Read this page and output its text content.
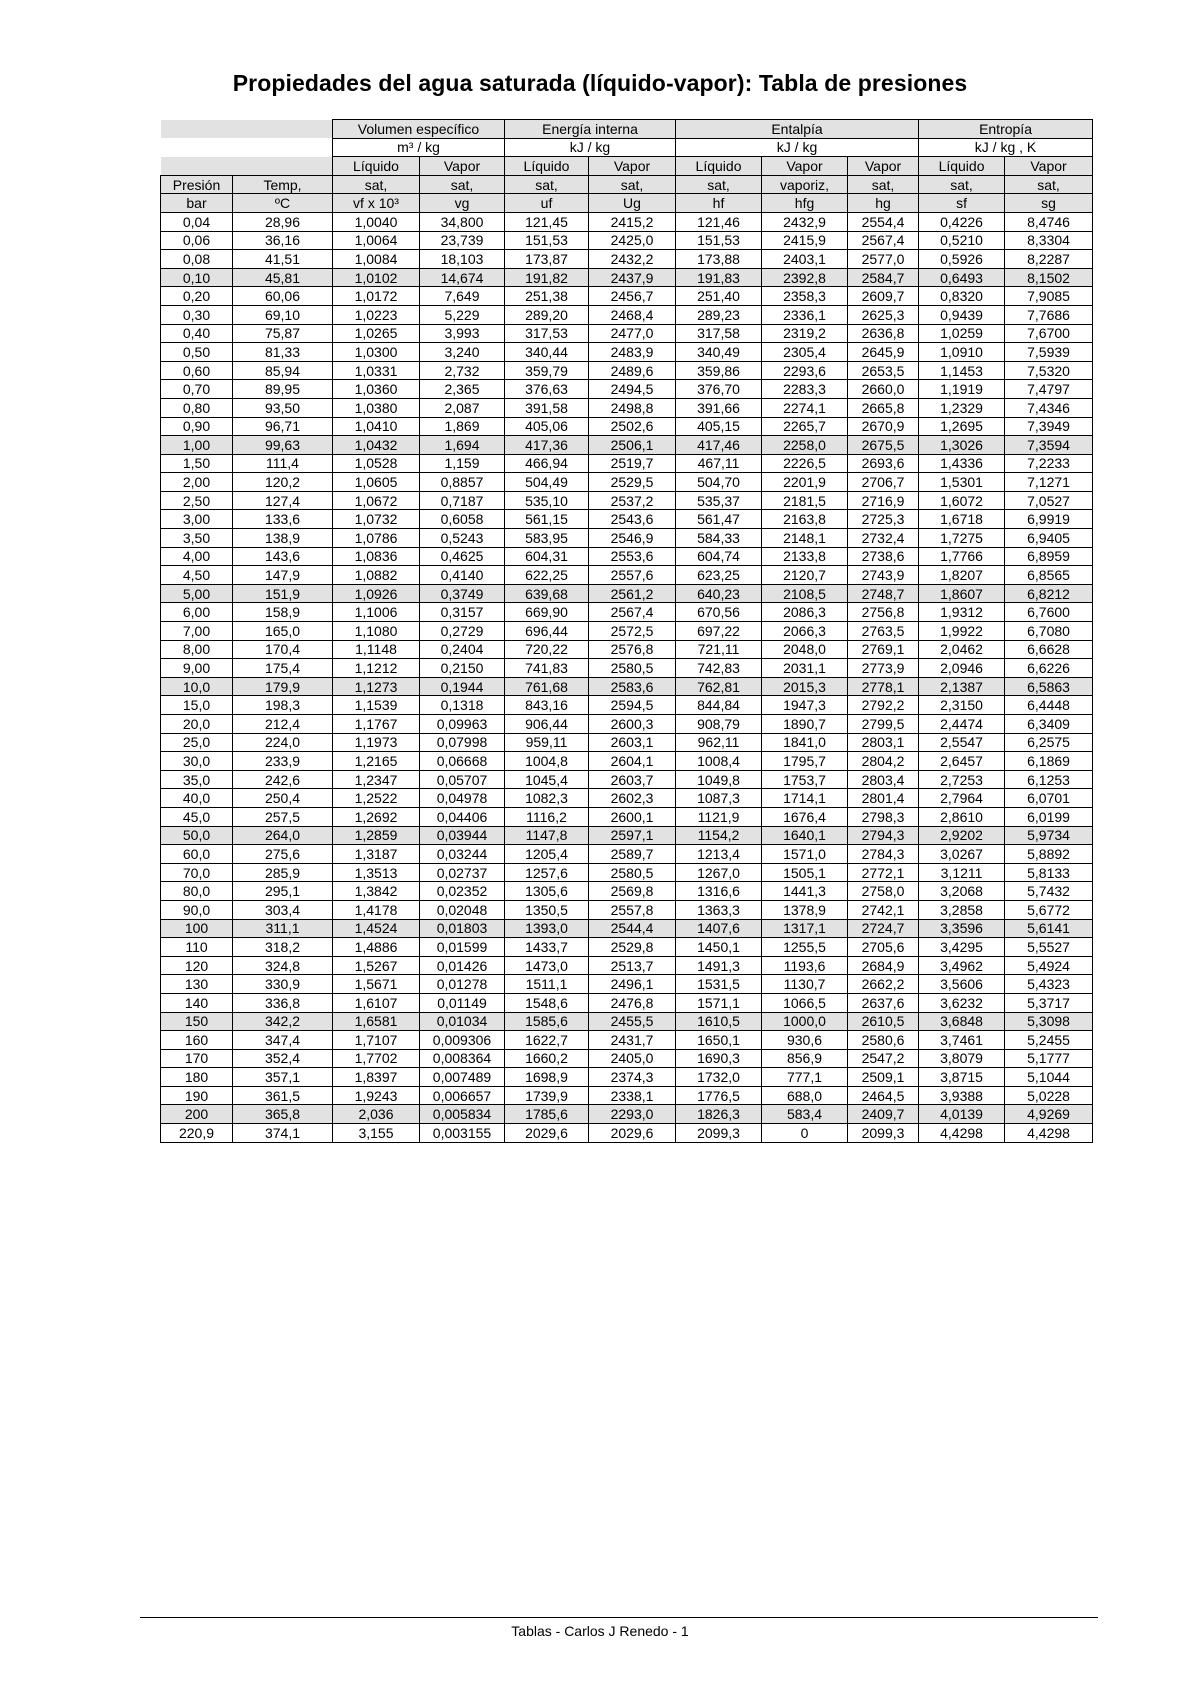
Propiedades del agua saturada (líquido-vapor): Tabla de presiones
		Volumen específico		Energía interna		Entalpía			Entropía	
		m³ / kg		kJ / kg		kJ / kg			kJ / kg , K	
		Líquido	Vapor	Líquido	Vapor	Líquido	Vapor	Vapor	Líquido	Vapor
Presión	Temp,	sat,	sat,	sat,	sat,	sat,	vaporiz,	sat,	sat,	sat,
bar	ºC	vf x 10³	vg	uf	Ug	hf	hfg	hg	sf	sg
0,04	28,96	1,0040	34,800	121,45	2415,2	121,46	2432,9	2554,4	0,4226	8,4746
0,06	36,16	1,0064	23,739	151,53	2425,0	151,53	2415,9	2567,4	0,5210	8,3304
0,08	41,51	1,0084	18,103	173,87	2432,2	173,88	2403,1	2577,0	0,5926	8,2287
0,10	45,81	1,0102	14,674	191,82	2437,9	191,83	2392,8	2584,7	0,6493	8,1502
0,20	60,06	1,0172	7,649	251,38	2456,7	251,40	2358,3	2609,7	0,8320	7,9085
0,30	69,10	1,0223	5,229	289,20	2468,4	289,23	2336,1	2625,3	0,9439	7,7686
0,40	75,87	1,0265	3,993	317,53	2477,0	317,58	2319,2	2636,8	1,0259	7,6700
0,50	81,33	1,0300	3,240	340,44	2483,9	340,49	2305,4	2645,9	1,0910	7,5939
0,60	85,94	1,0331	2,732	359,79	2489,6	359,86	2293,6	2653,5	1,1453	7,5320
0,70	89,95	1,0360	2,365	376,63	2494,5	376,70	2283,3	2660,0	1,1919	7,4797
0,80	93,50	1,0380	2,087	391,58	2498,8	391,66	2274,1	2665,8	1,2329	7,4346
0,90	96,71	1,0410	1,869	405,06	2502,6	405,15	2265,7	2670,9	1,2695	7,3949
1,00	99,63	1,0432	1,694	417,36	2506,1	417,46	2258,0	2675,5	1,3026	7,3594
1,50	111,4	1,0528	1,159	466,94	2519,7	467,11	2226,5	2693,6	1,4336	7,2233
2,00	120,2	1,0605	0,8857	504,49	2529,5	504,70	2201,9	2706,7	1,5301	7,1271
2,50	127,4	1,0672	0,7187	535,10	2537,2	535,37	2181,5	2716,9	1,6072	7,0527
3,00	133,6	1,0732	0,6058	561,15	2543,6	561,47	2163,8	2725,3	1,6718	6,9919
3,50	138,9	1,0786	0,5243	583,95	2546,9	584,33	2148,1	2732,4	1,7275	6,9405
4,00	143,6	1,0836	0,4625	604,31	2553,6	604,74	2133,8	2738,6	1,7766	6,8959
4,50	147,9	1,0882	0,4140	622,25	2557,6	623,25	2120,7	2743,9	1,8207	6,8565
5,00	151,9	1,0926	0,3749	639,68	2561,2	640,23	2108,5	2748,7	1,8607	6,8212
6,00	158,9	1,1006	0,3157	669,90	2567,4	670,56	2086,3	2756,8	1,9312	6,7600
7,00	165,0	1,1080	0,2729	696,44	2572,5	697,22	2066,3	2763,5	1,9922	6,7080
8,00	170,4	1,1148	0,2404	720,22	2576,8	721,11	2048,0	2769,1	2,0462	6,6628
9,00	175,4	1,1212	0,2150	741,83	2580,5	742,83	2031,1	2773,9	2,0946	6,6226
10,0	179,9	1,1273	0,1944	761,68	2583,6	762,81	2015,3	2778,1	2,1387	6,5863
15,0	198,3	1,1539	0,1318	843,16	2594,5	844,84	1947,3	2792,2	2,3150	6,4448
20,0	212,4	1,1767	0,09963	906,44	2600,3	908,79	1890,7	2799,5	2,4474	6,3409
25,0	224,0	1,1973	0,07998	959,11	2603,1	962,11	1841,0	2803,1	2,5547	6,2575
30,0	233,9	1,2165	0,06668	1004,8	2604,1	1008,4	1795,7	2804,2	2,6457	6,1869
35,0	242,6	1,2347	0,05707	1045,4	2603,7	1049,8	1753,7	2803,4	2,7253	6,1253
40,0	250,4	1,2522	0,04978	1082,3	2602,3	1087,3	1714,1	2801,4	2,7964	6,0701
45,0	257,5	1,2692	0,04406	1116,2	2600,1	1121,9	1676,4	2798,3	2,8610	6,0199
50,0	264,0	1,2859	0,03944	1147,8	2597,1	1154,2	1640,1	2794,3	2,9202	5,9734
60,0	275,6	1,3187	0,03244	1205,4	2589,7	1213,4	1571,0	2784,3	3,0267	5,8892
70,0	285,9	1,3513	0,02737	1257,6	2580,5	1267,0	1505,1	2772,1	3,1211	5,8133
80,0	295,1	1,3842	0,02352	1305,6	2569,8	1316,6	1441,3	2758,0	3,2068	5,7432
90,0	303,4	1,4178	0,02048	1350,5	2557,8	1363,3	1378,9	2742,1	3,2858	5,6772
100	311,1	1,4524	0,01803	1393,0	2544,4	1407,6	1317,1	2724,7	3,3596	5,6141
110	318,2	1,4886	0,01599	1433,7	2529,8	1450,1	1255,5	2705,6	3,4295	5,5527
120	324,8	1,5267	0,01426	1473,0	2513,7	1491,3	1193,6	2684,9	3,4962	5,4924
130	330,9	1,5671	0,01278	1511,1	2496,1	1531,5	1130,7	2662,2	3,5606	5,4323
140	336,8	1,6107	0,01149	1548,6	2476,8	1571,1	1066,5	2637,6	3,6232	5,3717
150	342,2	1,6581	0,01034	1585,6	2455,5	1610,5	1000,0	2610,5	3,6848	5,3098
160	347,4	1,7107	0,009306	1622,7	2431,7	1650,1	930,6	2580,6	3,7461	5,2455
170	352,4	1,7702	0,008364	1660,2	2405,0	1690,3	856,9	2547,2	3,8079	5,1777
180	357,1	1,8397	0,007489	1698,9	2374,3	1732,0	777,1	2509,1	3,8715	5,1044
190	361,5	1,9243	0,006657	1739,9	2338,1	1776,5	688,0	2464,5	3,9388	5,0228
200	365,8	2,036	0,005834	1785,6	2293,0	1826,3	583,4	2409,7	4,0139	4,9269
220,9	374,1	3,155	0,003155	2029,6	2029,6	2099,3	0	2099,3	4,4298	4,4298
Tablas - Carlos J Renedo - 1
